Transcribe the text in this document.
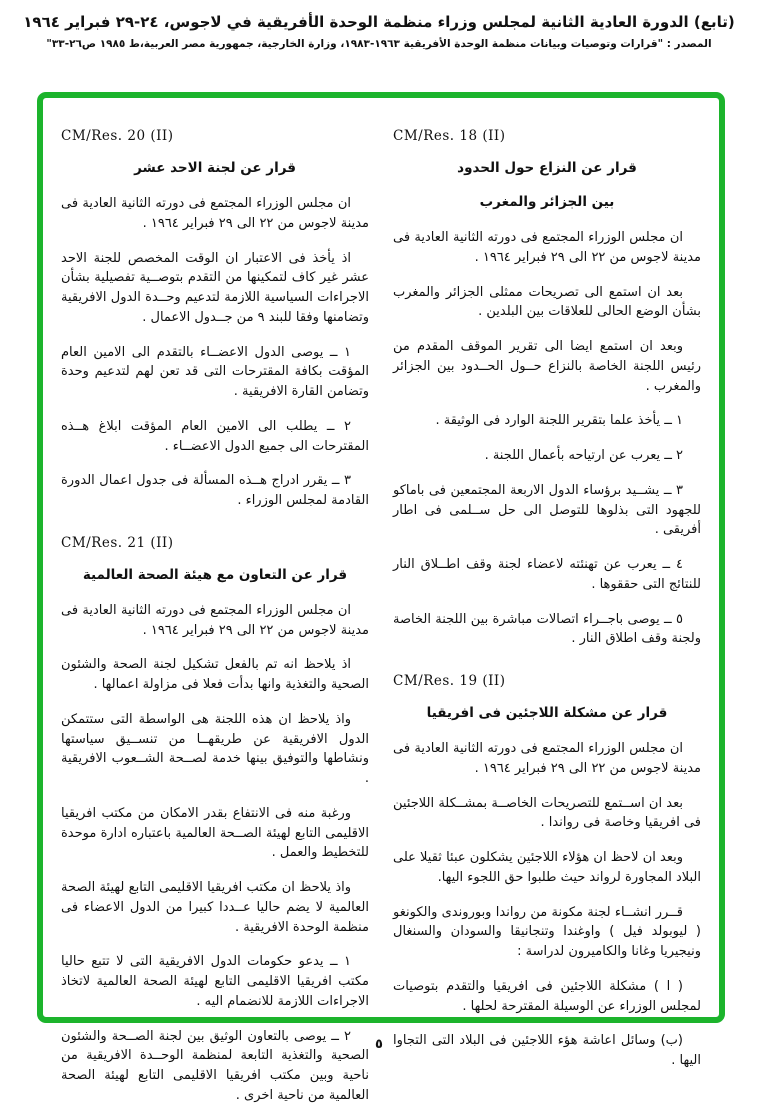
(تابع) الدورة العادية الثانية لمجلس وزراء منظمة الوحدة الأفريقية في لاجوس، ٢٤-٢٩ فبراير ١٩٦٤
المصدر : "قرارات وتوصيات وبيانات منظمة الوحدة الأفريقية ١٩٦٣-١٩٨٣، وزارة الخارجية، جمهورية مصر العربية،ط ١٩٨٥ ص٢٦-٣٣"
CM/Res. 18 (II)
قرار عن النزاع حول الحدود
بين الجزائر والمغرب

ان مجلس الوزراء المجتمع فى دورته الثانية العادية فى مدينة لاجوس من ٢٢ الى ٢٩ فبراير ١٩٦٤ .

بعد ان استمع الى تصريحات ممثلى الجزائر والمغرب بشأن الوضع الحالى للعلاقات بين البلدين .

وبعد ان استمع ايضا الى تقرير الموقف المقدم من رئيس اللجنة الخاصة بالنزاع حــول الحــدود بين الجزائر والمغرب .

١ ــ يأخذ علما بتقرير اللجنة الوارد فى الوثيقة .

٢ ــ يعرب عن ارتياحه بأعمال اللجنة .

٣ ــ يشــيد برؤساء الدول الاربعة المجتمعين فى باماكو للجهود التى بذلوها للتوصل الى حل ســلمى فى اطار أفريقى .

٤ ــ يعرب عن تهنئته لاعضاء لجنة وقف اطــلاق النار للنتائج التى حققوها .

٥ ــ يوصى باجــراء اتصالات مباشرة بين اللجنة الخاصة ولجنة وقف اطلاق النار .

CM/Res. 19 (II)
قرار عن مشكلة اللاجئين فى افريقيا

ان مجلس الوزراء المجتمع فى دورته الثانية العادية فى مدينة لاجوس من ٢٢ الى ٢٩ فبراير ١٩٦٤ .

بعد ان اســتمع للتصريحات الخاصــة بمشــكلة اللاجئين فى افريقيا وخاصة فى رواندا .

وبعد ان لاحظ ان هؤلاء اللاجئين يشكلون عبئا ثقيلا على البلاد المجاورة لرواند حيث طلبوا حق اللجوء اليها.

قــرر انشــاء لجنة مكونة من رواندا وبوروندى والكونغو ( ليوبولد فيل ) واوغندا وتنجانيقا والسودان والسنغال ونيجيريا وغانا والكاميرون لدراسة :

( ا ) مشكلة اللاجئين فى افريقيا والتقدم بتوصيات لمجلس الوزراء عن الوسيلة المقترحة لحلها .

(ب) وسائل اعاشة هؤء اللاجئين فى البلاد التى التجاوا اليها .

CM/Res. 20 (II)
قرار عن لجنة الاحد عشر

ان مجلس الوزراء المجتمع فى دورته الثانية العادية فى مدينة لاجوس من ٢٢ الى ٢٩ فبراير ١٩٦٤ .

اذ يأخذ فى الاعتبار ان الوقت المخصص للجنة الاحد عشر غير كاف لتمكينها من التقدم بتوصــية تفصيلية بشأن الاجراءات السياسية اللازمة لتدعيم وحــدة الدول الافريقية وتضامنها وفقا للبند ٩ من جــدول الاعمال .

١ ــ يوصى الدول الاعضــاء بالتقدم الى الامين العام المؤقت بكافة المقترحات التى قد تعن لهم لتدعيم وحدة وتضامن القارة الافريقية .

٢ ــ يطلب الى الامين العام المؤقت ابلاغ هــذه المقترحات الى جميع الدول الاعضــاء .

٣ ــ يقرر ادراج هــذه المسألة فى جدول اعمال الدورة القادمة لمجلس الوزراء .

CM/Res. 21 (II)
قرار عن التعاون مع هيئة الصحة العالمية

ان مجلس الوزراء المجتمع فى دورته الثانية العادية فى مدينة لاجوس من ٢٢ الى ٢٩ فبراير ١٩٦٤ .

اذ يلاحظ انه تم بالفعل تشكيل لجنة الصحة والشئون الصحية والتغذية وانها بدأت فعلا فى مزاولة اعمالها .

واذ يلاحظ ان هذه اللجنة هى الواسطة التى ستتمكن الدول الافريقية عن طريقهــا من تنســيق سياستها ونشاطها والتوفيق بينها خدمة لصــحة الشــعوب الافريقية .

ورغبة منه فى الانتفاع بقدر الامكان من مكتب افريقيا الاقليمى التابع لهيئة الصــحة العالمية باعتباره ادارة موحدة للتخطيط والعمل .

واذ يلاحظ ان مكتب افريقيا الاقليمى التابع لهيئة الصحة العالمية لا يضم حاليا عــددا كبيرا من الدول الاعضاء فى منظمة الوحدة الافريقية .

١ ــ يدعو حكومات الدول الافريقية التى لا تتبع حاليا مكتب افريقيا الاقليمى التابع لهيئة الصحة العالمية لاتخاذ الاجراءات اللازمة للانضمام اليه .

٢ ــ يوصى بالتعاون الوثيق بين لجنة الصــحة والشئون الصحية والتغذية التابعة لمنظمة الوحــدة الافريقية من ناحية وبين مكتب افريقيا الاقليمى التابع لهيئة الصحة العالمية من ناحية اخرى .

٥
